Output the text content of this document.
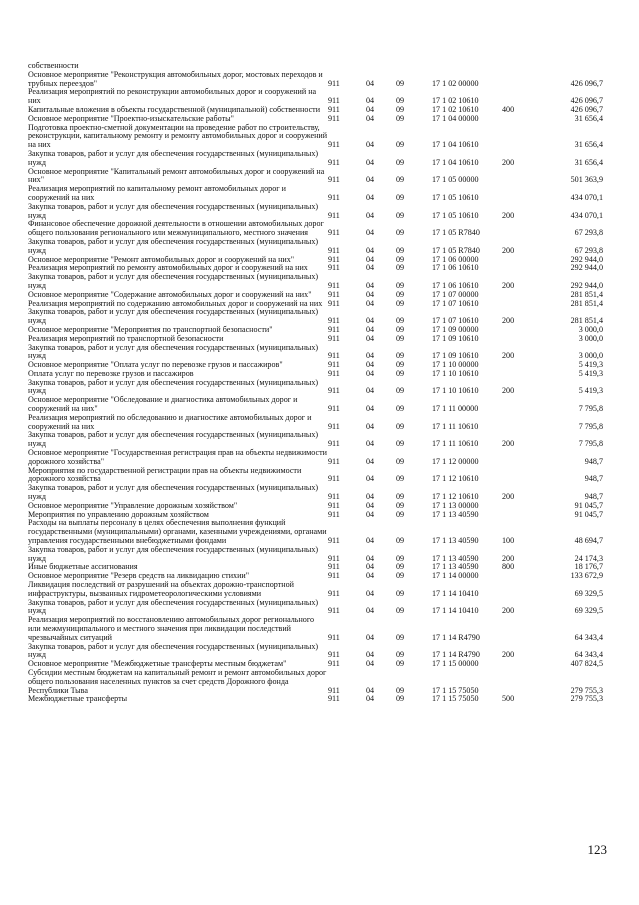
собственности						
Основное мероприятие "Реконструкция автомобильных дорог, мостовых переходов и трубных переездов"	911	04	09	17 1 02 00000		426 096,7
Реализация мероприятий по реконструкции автомобильных дорог и сооружений на них	911	04	09	17 1 02 10610		426 096,7
Капитальные вложения в объекты государственной (муниципальной) собственности	911	04	09	17 1 02 10610	400	426 096,7
Основное мероприятие "Проектно-изыскательские работы"	911	04	09	17 1 04 00000		31 656,4
Подготовка проектно-сметной документации на проведение работ по строительству, реконструкции, капитальному ремонту и ремонту автомобильных дорог и сооружений на них	911	04	09	17 1 04 10610		31 656,4
Закупка товаров, работ и услуг для обеспечения государственных (муниципальных) нужд	911	04	09	17 1 04 10610	200	31 656,4
Основное мероприятие "Капитальный ремонт автомобильных дорог и сооружений на них"	911	04	09	17 1 05 00000		501 363,9
Реализация мероприятий по капитальному ремонт автомобильных дорог и сооружений на них	911	04	09	17 1 05 10610		434 070,1
Закупка товаров, работ и услуг для обеспечения государственных (муниципальных) нужд	911	04	09	17 1 05 10610	200	434 070,1
Финансовое обеспечение дорожной деятельности в отношении автомобильных дорог общего пользования регионального или межмуниципального, местного значения	911	04	09	17 1 05 R7840		67 293,8
Закупка товаров, работ и услуг для обеспечения государственных (муниципальных) нужд	911	04	09	17 1 05 R7840	200	67 293,8
Основное мероприятие "Ремонт автомобильных дорог и сооружений на них"	911	04	09	17 1 06 00000		292 944,0
Реализация мероприятий по ремонту автомобильных дорог и сооружений на них	911	04	09	17 1 06 10610		292 944,0
Закупка товаров, работ и услуг для обеспечения государственных (муниципальных) нужд	911	04	09	17 1 06 10610	200	292 944,0
Основное мероприятие "Содержание автомобильных дорог и сооружений на них"	911	04	09	17 1 07 00000		281 851,4
Реализация мероприятий по содержанию автомобильных дорог и сооружений на них	911	04	09	17 1 07 10610		281 851,4
Закупка товаров, работ и услуг для обеспечения государственных (муниципальных) нужд	911	04	09	17 1 07 10610	200	281 851,4
Основное мероприятие "Мероприятия по транспортной безопасности"	911	04	09	17 1 09 00000		3 000,0
Реализация мероприятий по транспортной безопасности	911	04	09	17 1 09 10610		3 000,0
Закупка товаров, работ и услуг для обеспечения государственных (муниципальных) нужд	911	04	09	17 1 09 10610	200	3 000,0
Основное мероприятие "Оплата услуг по перевозке грузов и пассажиров"	911	04	09	17 1 10 00000		5 419,3
Оплата услуг по перевозке грузов и пассажиров	911	04	09	17 1 10 10610		5 419,3
Закупка товаров, работ и услуг для обеспечения государственных (муниципальных) нужд	911	04	09	17 1 10 10610	200	5 419,3
Основное мероприятие "Обследование и диагностика автомобильных дорог и сооружений на них"	911	04	09	17 1 11 00000		7 795,8
Реализация мероприятий по обследованию и диагностике автомобильных дорог и сооружений на них	911	04	09	17 1 11 10610		7 795,8
Закупка товаров, работ и услуг для обеспечения государственных (муниципальных) нужд	911	04	09	17 1 11 10610	200	7 795,8
Основное мероприятие "Государственная регистрация прав на объекты недвижимости дорожного хозяйства"	911	04	09	17 1 12 00000		948,7
Мероприятия по государственной регистрации прав на объекты недвижимости дорожного хозяйства	911	04	09	17 1 12 10610		948,7
Закупка товаров, работ и услуг для обеспечения государственных (муниципальных) нужд	911	04	09	17 1 12 10610	200	948,7
Основное мероприятие "Управление дорожным хозяйством"	911	04	09	17 1 13 00000		91 045,7
Мероприятия по управлению дорожным хозяйством	911	04	09	17 1 13 40590		91 045,7
Расходы на выплаты персоналу в целях обеспечения выполнения функций государственными (муниципальными) органами, казенными учреждениями, органами управления государственными внебюджетными фондами	911	04	09	17 1 13 40590	100	48 694,7
Закупка товаров, работ и услуг для обеспечения государственных (муниципальных) нужд	911	04	09	17 1 13 40590	200	24 174,3
Иные бюджетные ассигнования	911	04	09	17 1 13 40590	800	18 176,7
Основное мероприятие "Резерв средств на ликвидацию стихии"	911	04	09	17 1 14 00000		133 672,9
Ликвидация последствий от разрушений на объектах дорожно-транспортной инфраструктуры, вызванных гидрометеорологическими условиями	911	04	09	17 1 14 10410		69 329,5
Закупка товаров, работ и услуг для обеспечения государственных (муниципальных) нужд	911	04	09	17 1 14 10410	200	69 329,5
Реализация мероприятий по восстановлению автомобильных дорог регионального или межмуниципального и местного значения при ликвидации последствий чрезвычайных ситуаций	911	04	09	17 1 14 R4790		64 343,4
Закупка товаров, работ и услуг для обеспечения государственных (муниципальных) нужд	911	04	09	17 1 14 R4790	200	64 343,4
Основное мероприятие "Межбюджетные трансферты местным бюджетам"	911	04	09	17 1 15 00000		407 824,5
Субсидии местным бюджетам на капитальный ремонт и ремонт автомобильных дорог общего пользования населенных пунктов за счет средств Дорожного фонда Республики Тыва	911	04	09	17 1 15 75050		279 755,3
Межбюджетные трансферты	911	04	09	17 1 15 75050	500	279 755,3
123
